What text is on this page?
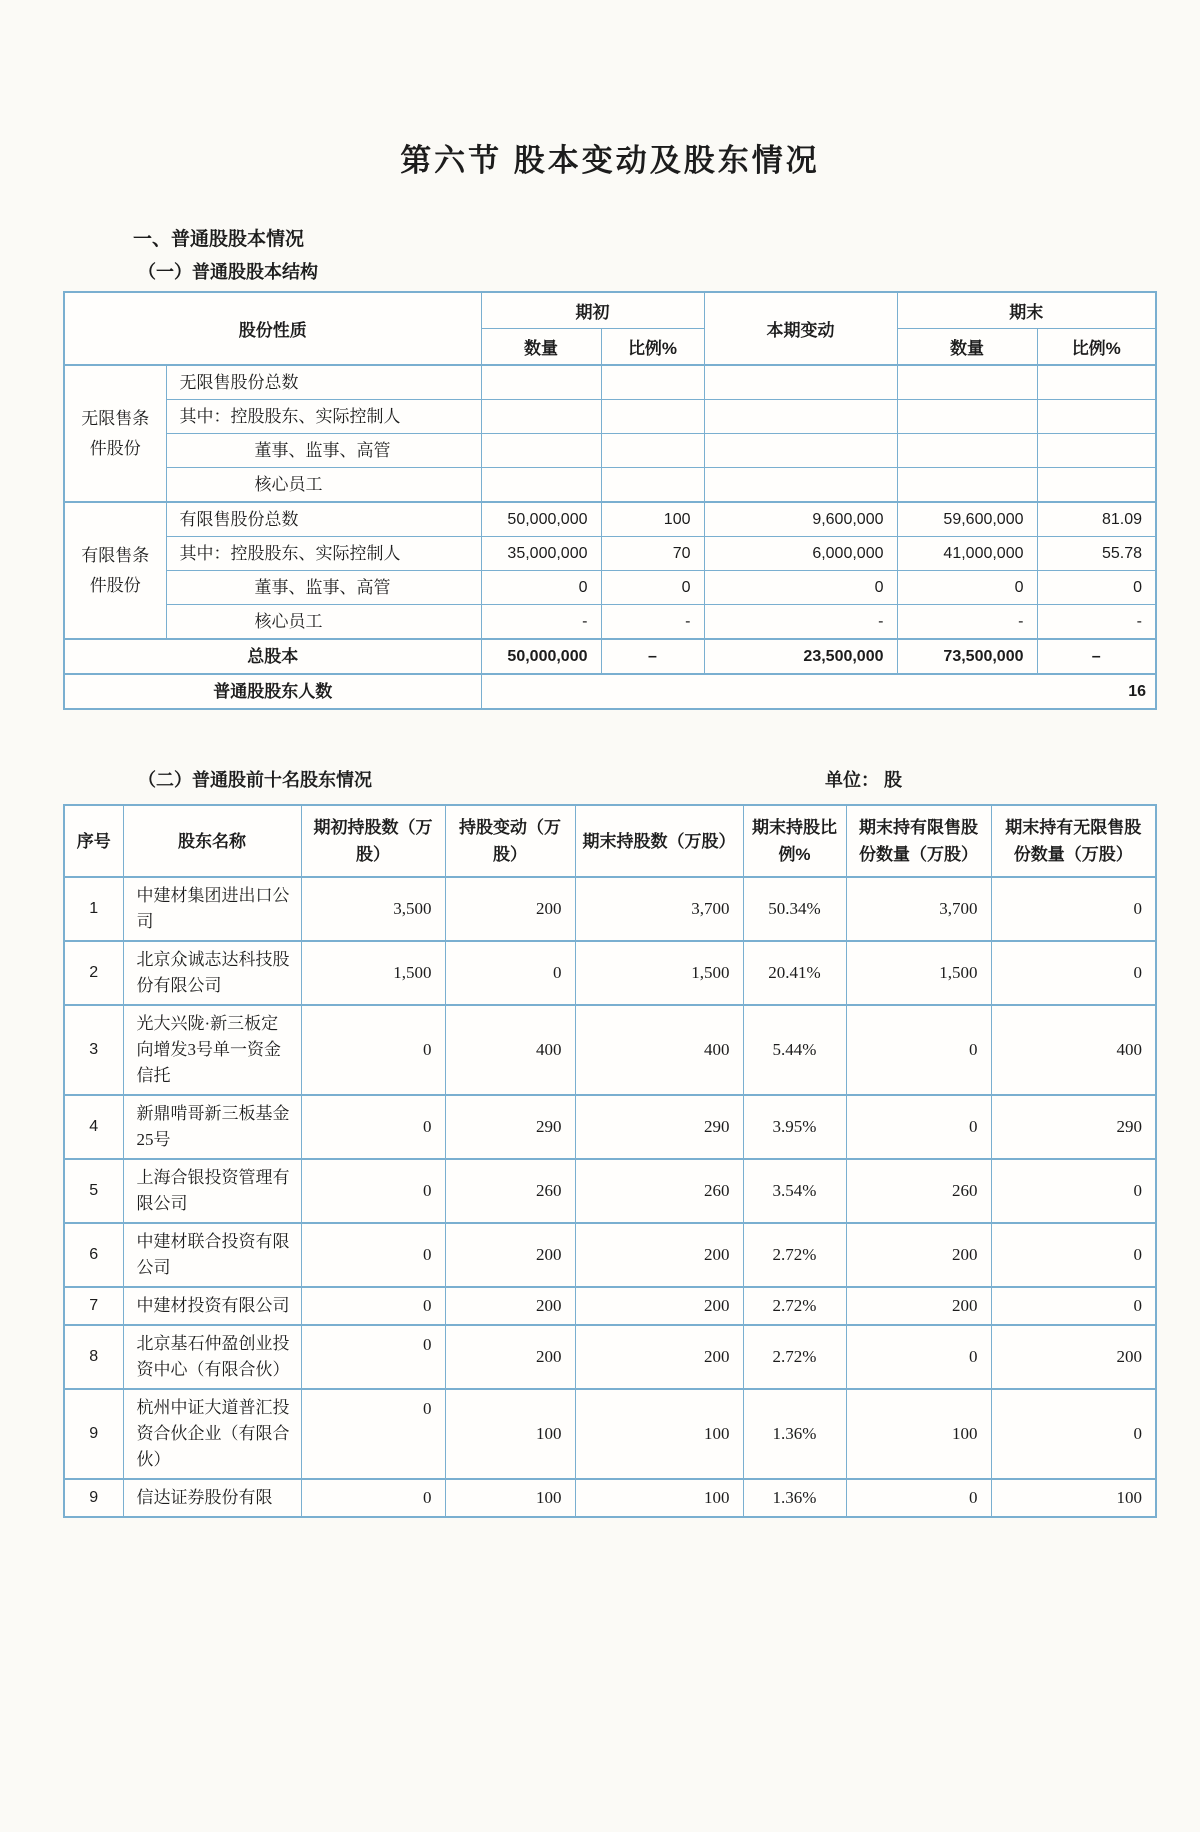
第六节 股本变动及股东情况
一、普通股股本情况
（一）普通股股本结构
股份性质		期初		本期变动	期末	
		数量	比例%		数量	比例%
无限售条件股份	无限售股份总数					
	其中：控股股东、实际控制人					
	董事、监事、高管					
	核心员工					
有限售条件股份	有限售股份总数	50,000,000	100	9,600,000	59,600,000	81.09
	其中：控股股东、实际控制人	35,000,000	70	6,000,000	41,000,000	55.78
	董事、监事、高管	0	0	0	0	0
	核心员工	-	-	-	-	-
总股本		50,000,000	–	23,500,000	73,500,000	–
普通股股东人数		16				
（二）普通股前十名股东情况	单位： 股
序号	股东名称	期初持股数（万股）	持股变动（万股）	期末持股数（万股）	期末持股比例%	期末持有限售股份数量（万股）	期末持有无限售股份数量（万股）
1	中建材集团进出口公司	3,500	200	3,700	50.34%	3,700	0
2	北京众诚志达科技股份有限公司	1,500	0	1,500	20.41%	1,500	0
3	光大兴陇·新三板定向增发3号单一资金信托	0	400	400	5.44%	0	400
4	新鼎啃哥新三板基金25号	0	290	290	3.95%	0	290
5	上海合银投资管理有限公司	0	260	260	3.54%	260	0
6	中建材联合投资有限公司	0	200	200	2.72%	200	0
7	中建材投资有限公司	0	200	200	2.72%	200	0
8	北京基石仲盈创业投资中心（有限合伙）	0	200	200	2.72%	0	200
9	杭州中证大道普汇投资合伙企业（有限合伙）	0	100	100	1.36%	100	0
9	信达证券股份有限	0	100	100	1.36%	0	100
